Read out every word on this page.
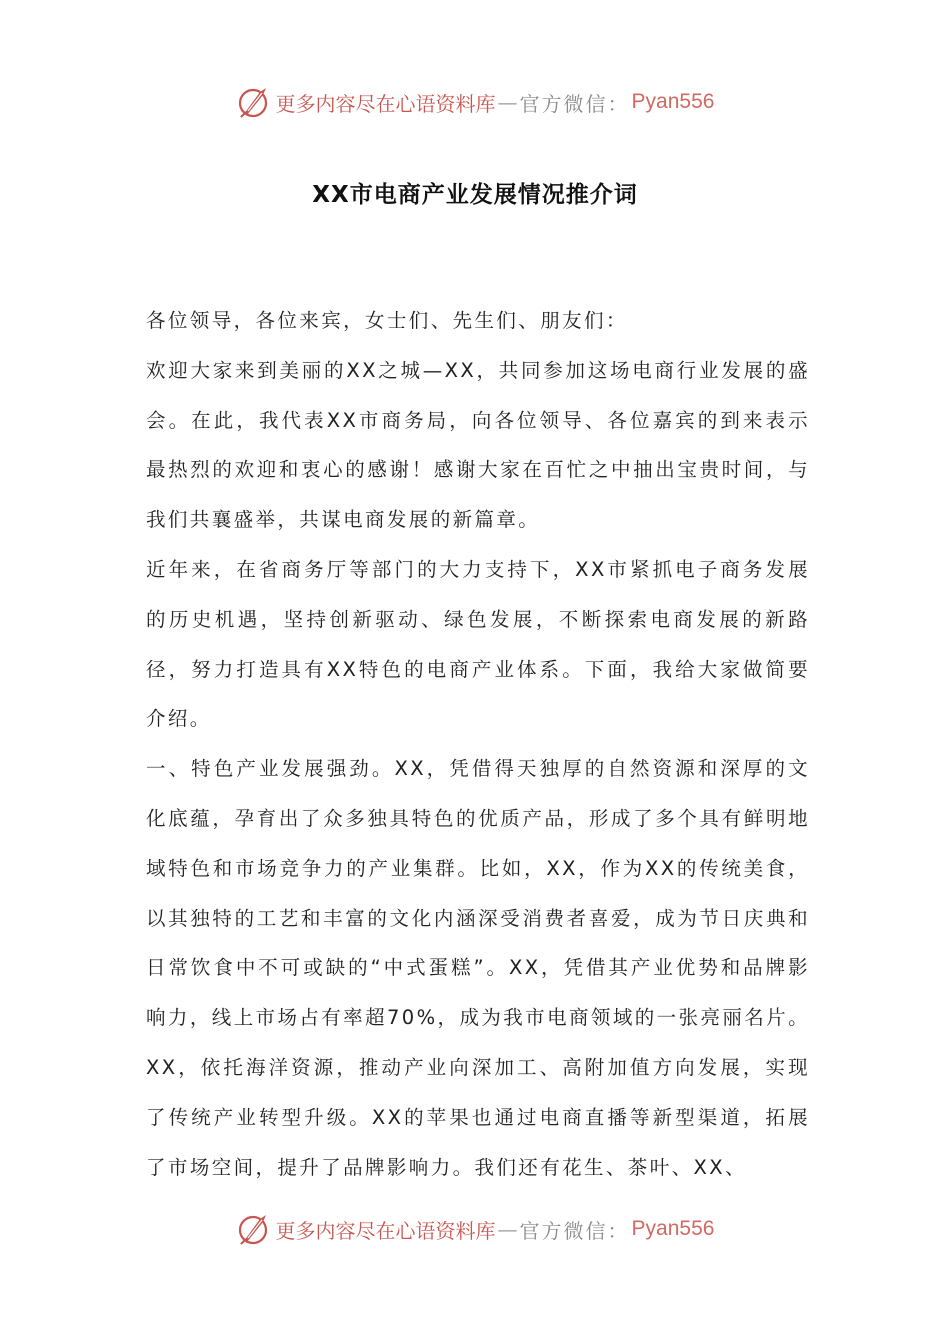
更多内容尽在心语资料库 — 官方微信： Pyan556
XX市电商产业发展情况推介词

各位领导，各位来宾，女士们、先生们、朋友们：

欢迎大家来到美丽的XX之城—XX，共同参加这场电商行业发展的盛会。在此，我代表XX市商务局，向各位领导、各位嘉宾的到来表示最热烈的欢迎和衷心的感谢！感谢大家在百忙之中抽出宝贵时间，与我们共襄盛举，共谋电商发展的新篇章。

近年来，在省商务厅等部门的大力支持下，XX市紧抓电子商务发展的历史机遇，坚持创新驱动、绿色发展，不断探索电商发展的新路径，努力打造具有XX特色的电商产业体系。下面，我给大家做简要介绍。

一、特色产业发展强劲。XX，凭借得天独厚的自然资源和深厚的文化底蕴，孕育出了众多独具特色的优质产品，形成了多个具有鲜明地域特色和市场竞争力的产业集群。比如，XX，作为XX的传统美食，以其独特的工艺和丰富的文化内涵深受消费者喜爱，成为节日庆典和日常饮食中不可或缺的“中式蛋糕”。XX，凭借其产业优势和品牌影响力，线上市场占有率超70%，成为我市电商领域的一张亮丽名片。XX，依托海洋资源，推动产业向深加工、高附加值方向发展，实现了传统产业转型升级。XX的苹果也通过电商直播等新型渠道，拓展了市场空间，提升了品牌影响力。我们还有花生、茶叶、XX、

更多内容尽在心语资料库 — 官方微信： Pyan556
